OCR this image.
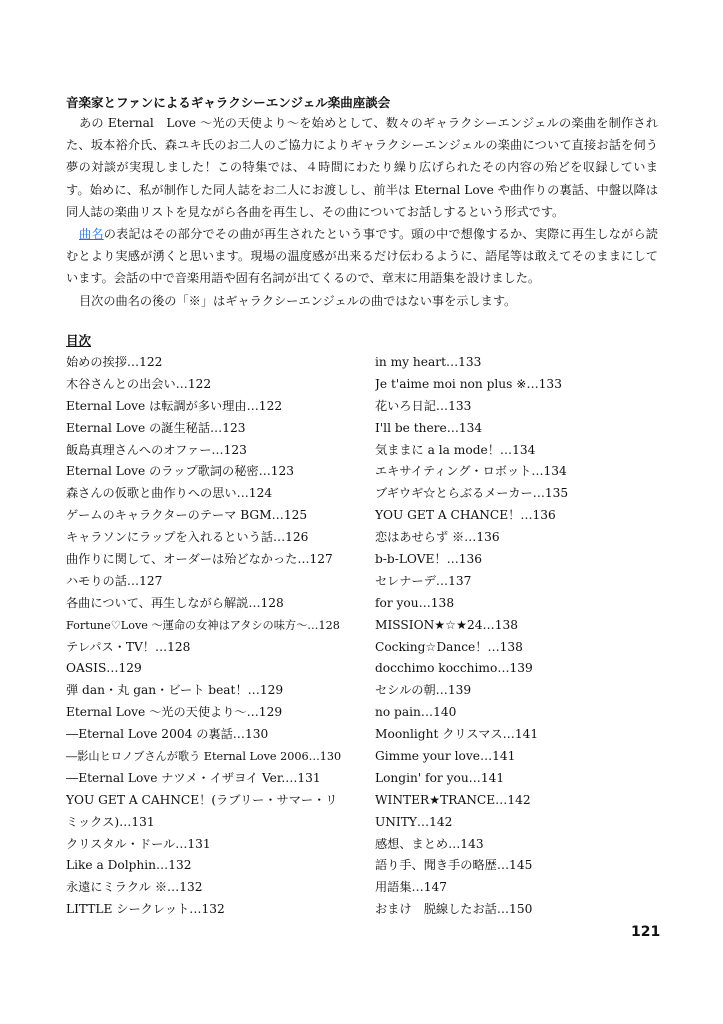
音楽家とファンによるギャラクシーエンジェル楽曲座談会

あの Eternal　Love ～光の天使より～を始めとして、数々のギャラクシーエンジェルの楽曲を制作された、坂本裕介氏、森ユキ氏のお二人のご協力によりギャラクシーエンジェルの楽曲について直接お話を伺う夢の対談が実現しました！この特集では、４時間にわたり繰り広げられたその内容の殆どを収録しています。始めに、私が制作した同人誌をお二人にお渡しし、前半は Eternal Love や曲作りの裏話、中盤以降は同人誌の楽曲リストを見ながら各曲を再生し、その曲についてお話しするという形式です。

曲名の表記はその部分でその曲が再生されたという事です。頭の中で想像するか、実際に再生しながら読むとより実感が湧くと思います。現場の温度感が出来るだけ伝わるように、語尾等は敢えてそのままにしています。会話の中で音楽用語や固有名詞が出てくるので、章末に用語集を設けました。

目次の曲名の後の「※」はギャラクシーエンジェルの曲ではない事を示します。

目次
始めの挨拶…122
木谷さんとの出会い…122
Eternal Love は転調が多い理由…122
Eternal Love の誕生秘話…123
飯島真理さんへのオファー…123
Eternal Love のラップ歌詞の秘密…123
森さんの仮歌と曲作りへの思い…124
ゲームのキャラクターのテーマ BGM…125
キャラソンにラップを入れるという話…126
曲作りに関して、オーダーは殆どなかった…127
ハモりの話…127
各曲について、再生しながら解説…128
Fortune♡Love ～運命の女神はアタシの味方～…128
テレパス・TV！…128
OASIS…129
弾 dan・丸 gan・ビート beat！…129
Eternal Love ～光の天使より～…129
―Eternal Love 2004 の裏話…130
―影山ヒロノブさんが歌う Eternal Love 2006…130
―Eternal Love ナツメ・イザヨイ Ver.…131
YOU GET A CAHNCE！(ラブリー・サマー・リ
ミックス)…131
クリスタル・ドール…131
Like a Dolphin…132
永遠にミラクル ※…132
LITTLE シークレット…132
in my heart…133
Je t'aime moi non plus ※…133
花いろ日記…133
I'll be there…134
気ままに a la mode！…134
エキサイティング・ロボット…134
ブギウギ☆とらぶるメーカー…135
YOU GET A CHANCE！…136
恋はあせらず ※…136
b-b-LOVE！…136
セレナーデ…137
for you…138
MISSION★☆★24…138
Cocking☆Dance！…138
docchimo kocchimo…139
セシルの朝…139
no pain…140
Moonlight クリスマス…141
Gimme your love…141
Longin' for you…141
WINTER★TRANCE…142
UNITY…142
感想、まとめ…143
語り手、聞き手の略歴…145
用語集…147
おまけ　脱線したお話…150
121
